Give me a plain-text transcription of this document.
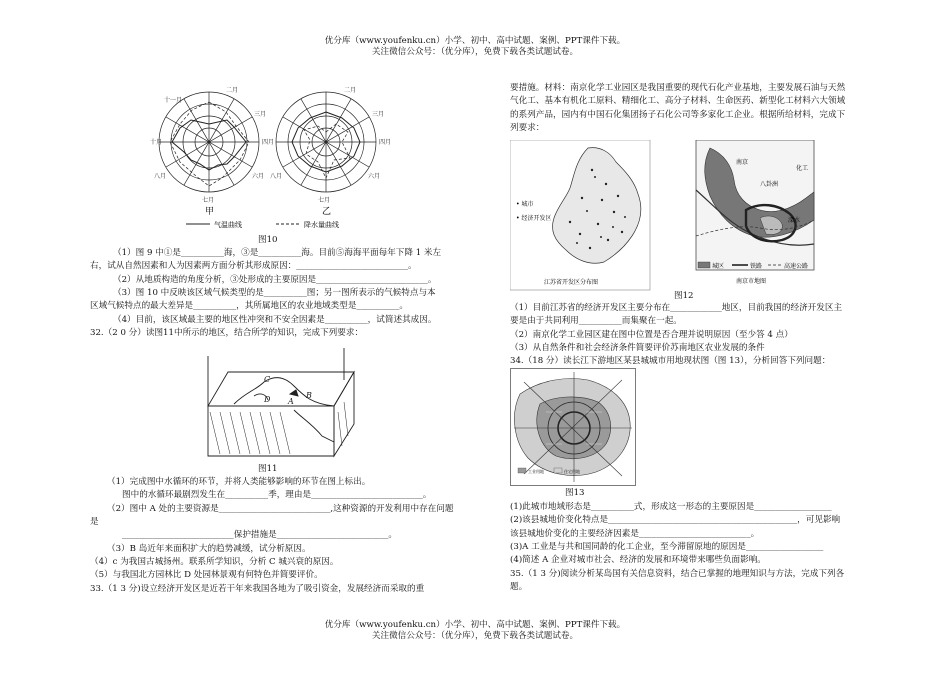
优分库（www.youfenku.cn）小学、初中、高中试题、案例、PPT课件下载。
关注微信公众号：（优分库），免费下载各类试题试卷。
二月
三月
四月
六月
七月
八月
十月
十一月
二月
三月
四月
六月
七月
八月
甲	乙
气温曲线	降水量曲线
图10

（1）图 9 中①是__________海，③是__________海。目前⑤海海平面每年下降 1 米左

右，试从自然因素和人为因素两方面分析其形成原因：__________________________。

（2）从地质构造的角度分析，③处形成的主要原因是__________________________。

（3）图 10 中反映该区域气候类型的是__________图；另一图所表示的气候特点与本

区域气候特点的最大差异是__________，其所属地区的农业地域类型是__________。

（4）目前，该区域最主要的地区性冲突和不安全因素是__________，试简述其成因。

32.（2 0 分）读图11中所示的地区，结合所学的知识，完成下列要求：

C
D A
B
图11

（1）完成图中水循环的环节，并将人类能够影响的环节在图上标出。

图中的水循环最剧烈发生在__________季，理由是__________________________。

（2）图中 A 处的主要资源是__________________________,这种资源的开发利用中存在问题

是

__________________________保护措施是__________________________。

（3）B 岛近年来面积扩大的趋势减缓，试分析原因。

（4）c 为我国古城扬州。联系所学知识，分析 C 城兴衰的原因。

（5）与我国北方园林比 D 处园林景观有何特色并简要评价。

33.（1 3 分)设立经济开发区是近若干年来我国各地为了吸引资金，发展经济而采取的重

要措施。材料：南京化学工业园区是我国重要的现代石化产业基地，主要发展石油与天然

气化工、基本有机化工原料、精细化工、高分子材料、生命医药、新型化工材料六大领域

的系列产品，园内有中国石化集团扬子石化公司等多家化工企业。根据所给材料，完成下

列要求：

• 城市
• 经济开发区
江苏省开发区分布图
南京
八卦洲
化工
溧水
城区	铁路	高速公路
南京市地图
图12

（1）目前江苏省的经济开发区主要分布在____________地区，目前我国的经济开发区主

要是由于共同利用__________而集聚在一起。

（2）南京化学工业园区建在图中位置是否合理并说明原因（至少答 4 点）

（3）从自然条件和社会经济条件简要评价苏南地区农业发展的条件

34.（18 分）读长江下游地区某县城城市用地现状图（图 13），分析回答下列问题：

工业用地	住宅用地
图13

(1)此城市地域形态是__________式，形成这一形态的主要原因是__________________

(2)该县城地价变化特点是____________________________________________，可见影响

该县城地价变化的主要经济因素是__________________________。

(3)A 工业是与共和国同龄的化工企业，至今滞留原地的原因是__________________

(4)简述 A 企业对城市社会、经济的发展和环境带来哪些负面影响。

35.（1 3 分)阅读分析某岛国有关信息资料，结合已掌握的地理知识与方法，完成下列各

题。

优分库（www.youfenku.cn）小学、初中、高中试题、案例、PPT课件下载。
关注微信公众号：（优分库），免费下载各类试题试卷。
